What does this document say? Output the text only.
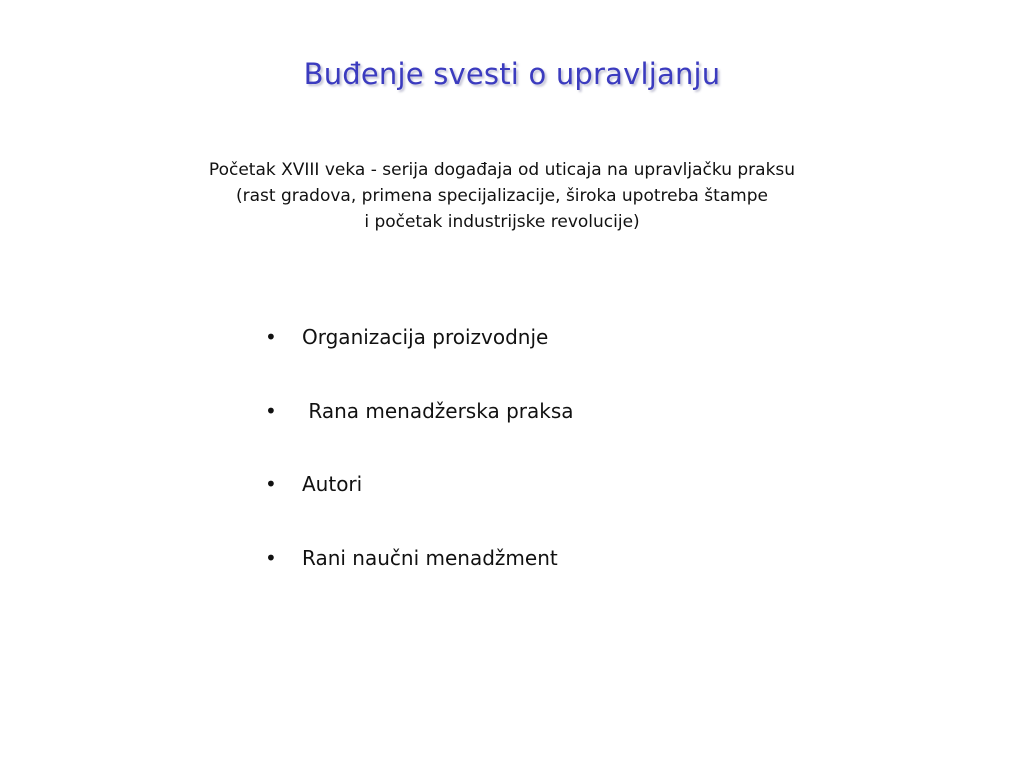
Buđenje svesti o upravljanju
Početak XVIII veka - serija događaja od uticaja na upravljačku praksu
(rast gradova, primena specijalizacije, široka upotreba štampe
i početak industrijske revolucije)
•	Organizacija proizvodnje
•	Rana menadžerska praksa
•	Autori
•	Rani naučni menadžment
